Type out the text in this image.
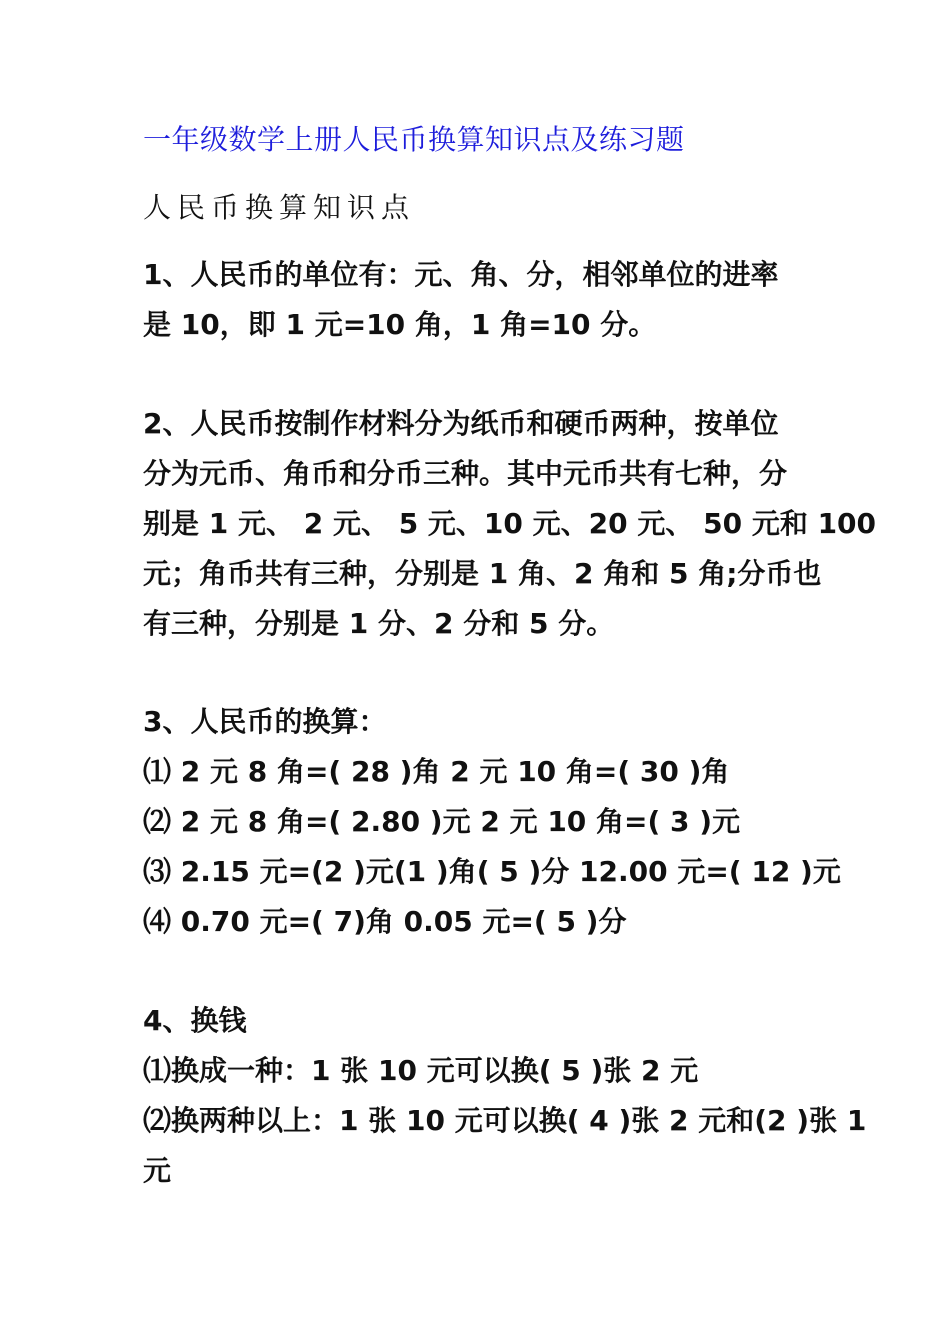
一年级数学上册人民币换算知识点及练习题
人民币换算知识点
1、人民币的单位有：元、角、分，相邻单位的进率
是 10，即 1 元=10 角，1 角=10 分。
2、人民币按制作材料分为纸币和硬币两种，按单位
分为元币、角币和分币三种。其中元币共有七种，分
别是 1 元、 2 元、 5 元、10 元、20 元、 50 元和 100
元；角币共有三种，分别是 1 角、2 角和 5 角;分币也
有三种，分别是 1 分、2 分和 5 分。
3、人民币的换算：
⑴ 2 元 8 角=( 28 )角 2 元 10 角=( 30 )角
⑵ 2 元 8 角=( 2.80 )元 2 元 10 角=( 3 )元
⑶ 2.15 元=(2 )元(1 )角( 5 )分 12.00 元=( 12 )元
⑷ 0.70 元=( 7)角 0.05 元=( 5 )分
4、换钱
⑴换成一种：1 张 10 元可以换( 5 )张 2 元
⑵换两种以上：1 张 10 元可以换( 4 )张 2 元和(2 )张 1
元
